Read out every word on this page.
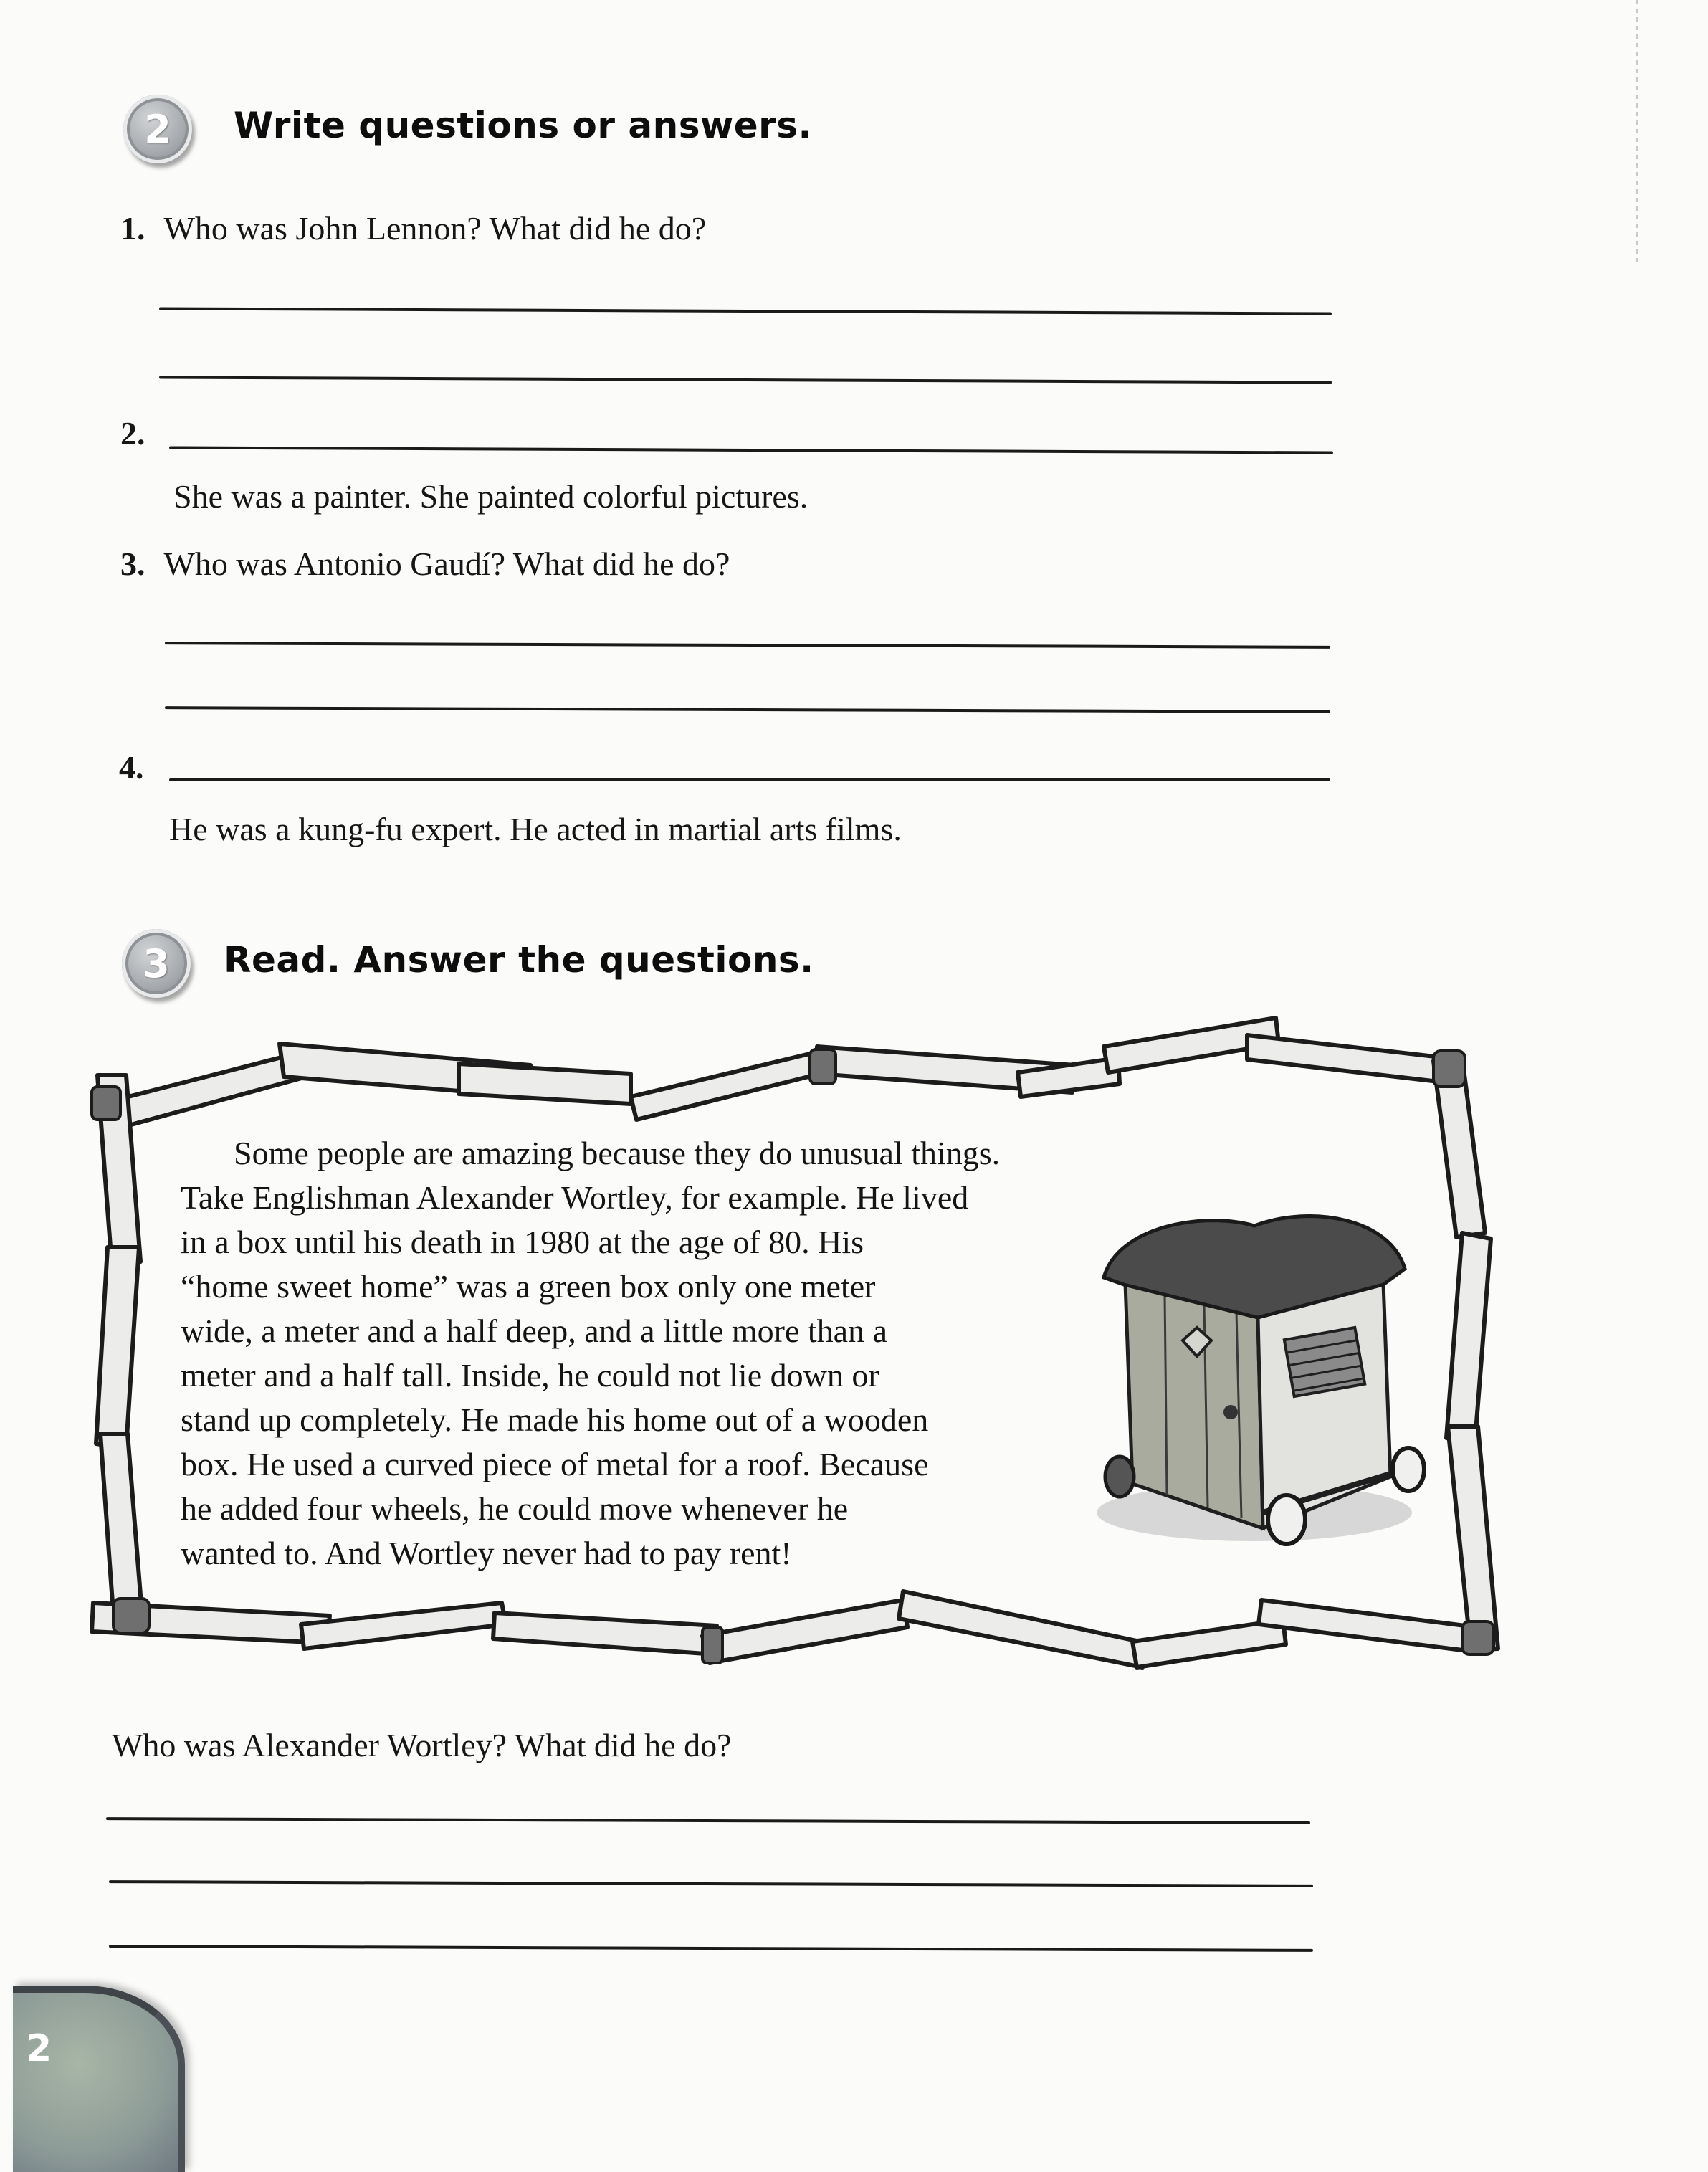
2 Write questions or answers.
1. Who was John Lennon? What did he do?
2.
She was a painter. She painted colorful pictures.
3. Who was Antonio Gaudí? What did he do?
4.
He was a kung-fu expert. He acted in martial arts films.
3 Read. Answer the questions.

Some people are amazing because they do unusual things.

Take Englishman Alexander Wortley, for example. He lived

in a box until his death in 1980 at the age of 80. His

“home sweet home” was a green box only one meter

wide, a meter and a half deep, and a little more than a

meter and a half tall. Inside, he could not lie down or

stand up completely. He made his home out of a wooden

box. He used a curved piece of metal for a roof. Because

he added four wheels, he could move whenever he

wanted to. And Wortley never had to pay rent!

Who was Alexander Wortley? What did he do?
2
